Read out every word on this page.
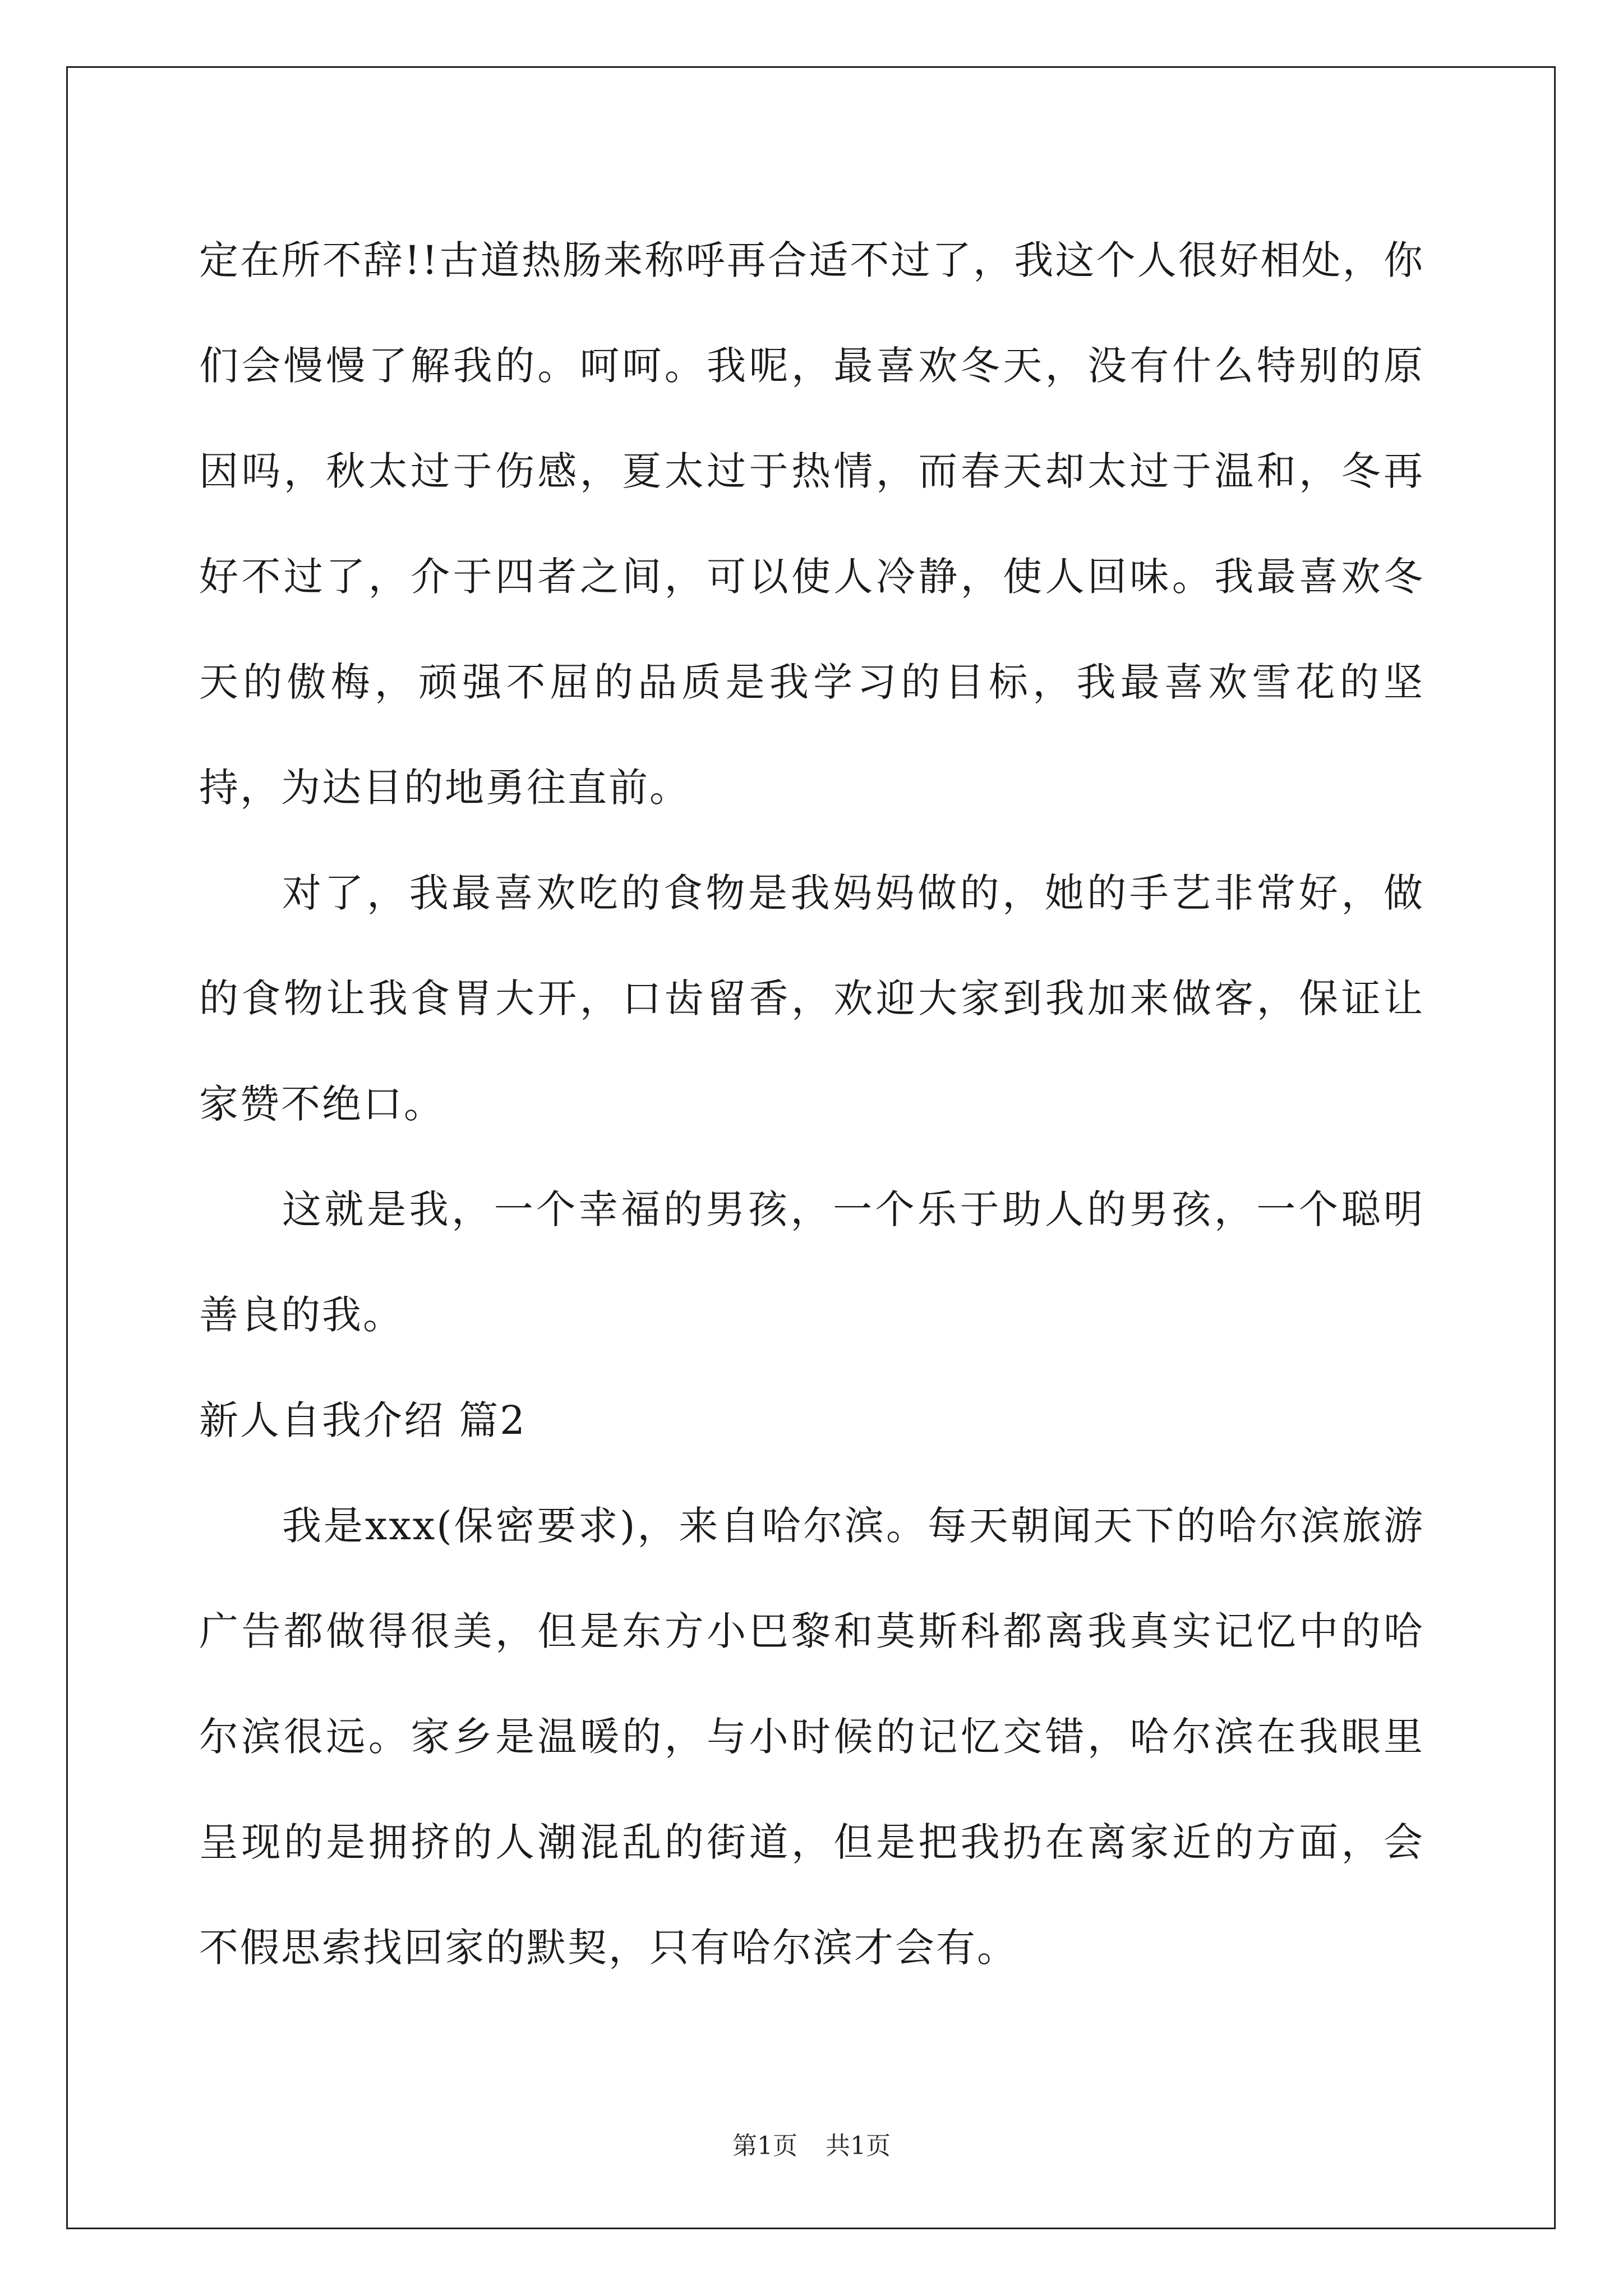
定在所不辞!!古道热肠来称呼再合适不过了，我这个人很好相处，你们会慢慢了解我的。呵呵。我呢，最喜欢冬天，没有什么特别的原因吗，秋太过于伤感，夏太过于热情，而春天却太过于温和，冬再好不过了，介于四者之间，可以使人冷静，使人回味。我最喜欢冬天的傲梅，顽强不屈的品质是我学习的目标，我最喜欢雪花的坚持，为达目的地勇往直前。

对了，我最喜欢吃的食物是我妈妈做的，她的手艺非常好，做的食物让我食胃大开，口齿留香，欢迎大家到我加来做客，保证让家赞不绝口。

这就是我，一个幸福的男孩，一个乐于助人的男孩，一个聪明善良的我。

新人自我介绍 篇2

我是xxx(保密要求)，来自哈尔滨。每天朝闻天下的哈尔滨旅游广告都做得很美，但是东方小巴黎和莫斯科都离我真实记忆中的哈尔滨很远。家乡是温暖的，与小时候的记忆交错，哈尔滨在我眼里呈现的是拥挤的人潮混乱的街道，但是把我扔在离家近的方面，会不假思索找回家的默契，只有哈尔滨才会有。

第1页 共1页
